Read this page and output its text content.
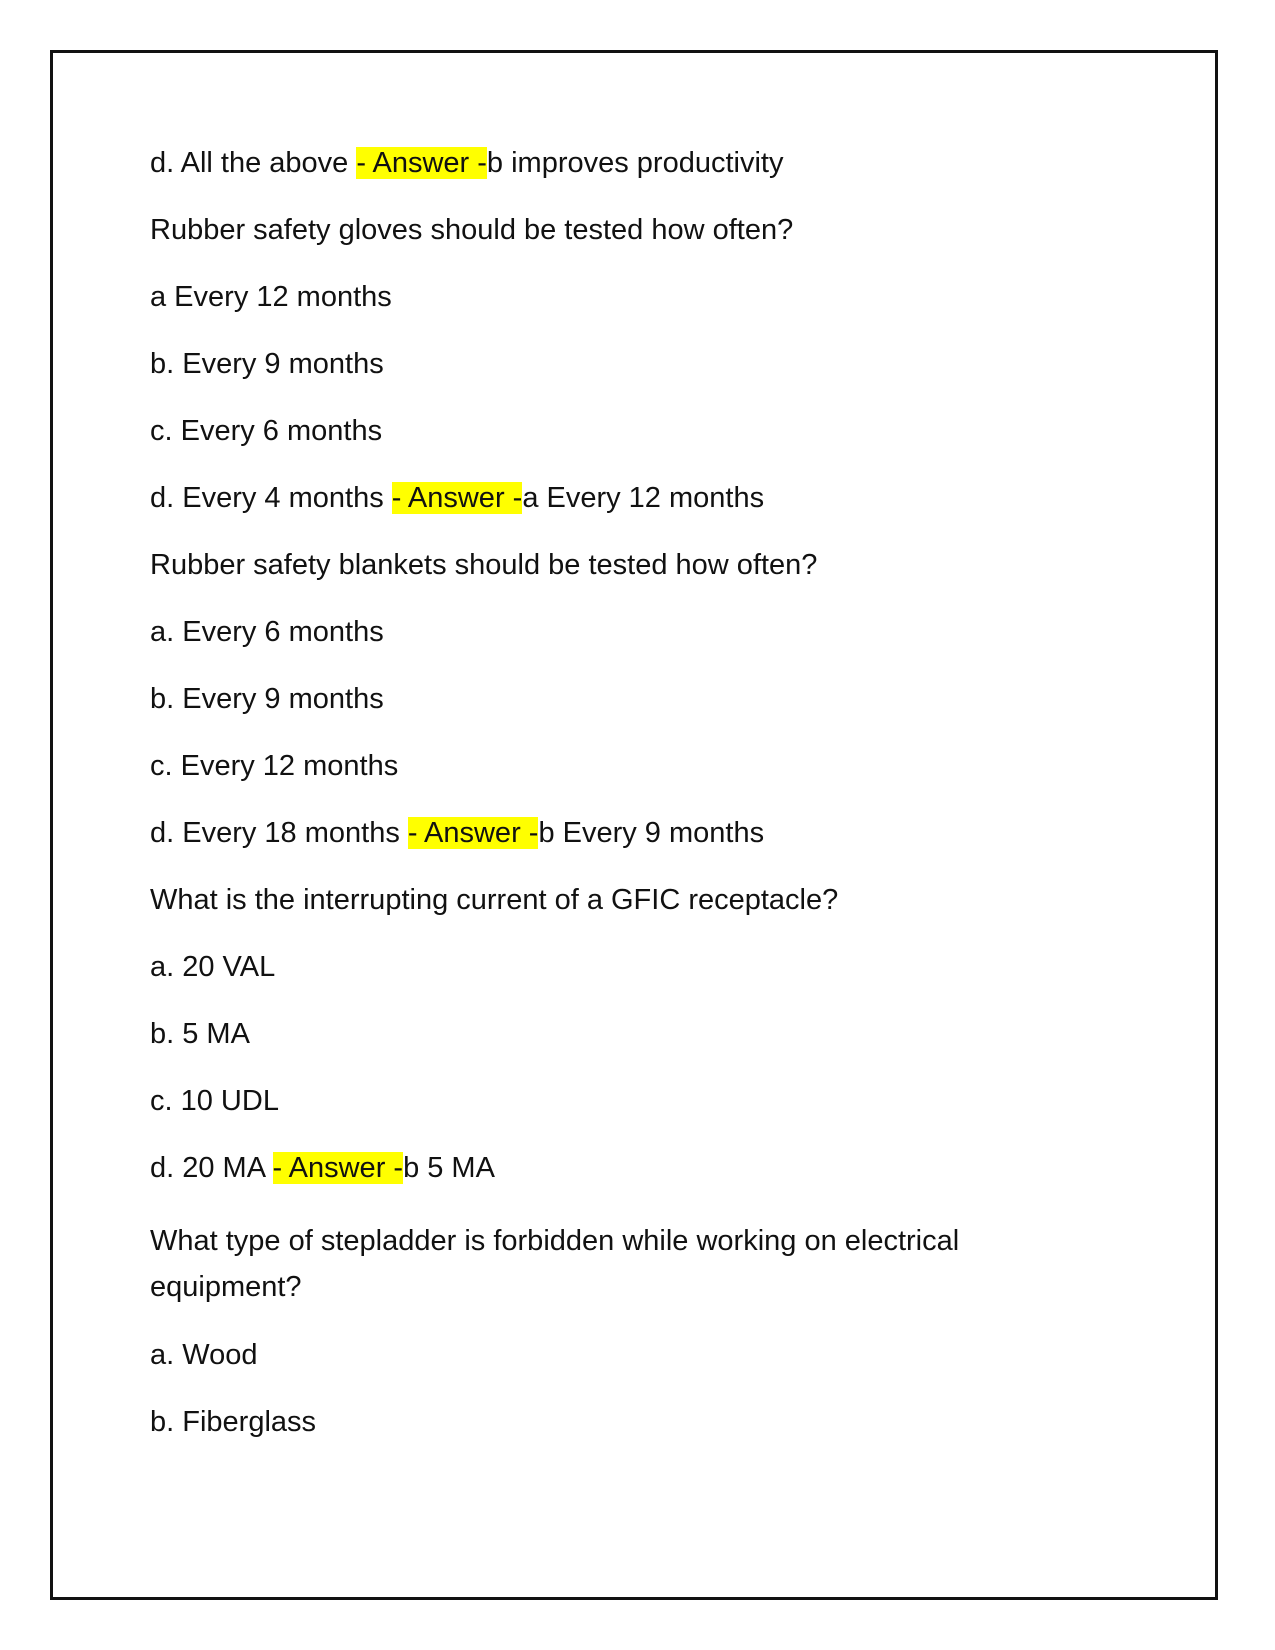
d. All the above - Answer -b improves productivity

Rubber safety gloves should be tested how often?

a Every 12 months

b. Every 9 months

c. Every 6 months

d. Every 4 months - Answer -a Every 12 months

Rubber safety blankets should be tested how often?

a. Every 6 months

b. Every 9 months

c. Every 12 months

d. Every 18 months - Answer -b Every 9 months

What is the interrupting current of a GFIC receptacle?

a. 20 VAL

b. 5 MA

c. 10 UDL

d. 20 MA - Answer -b 5 MA

What type of stepladder is forbidden while working on electrical equipment?

a. Wood

b. Fiberglass
